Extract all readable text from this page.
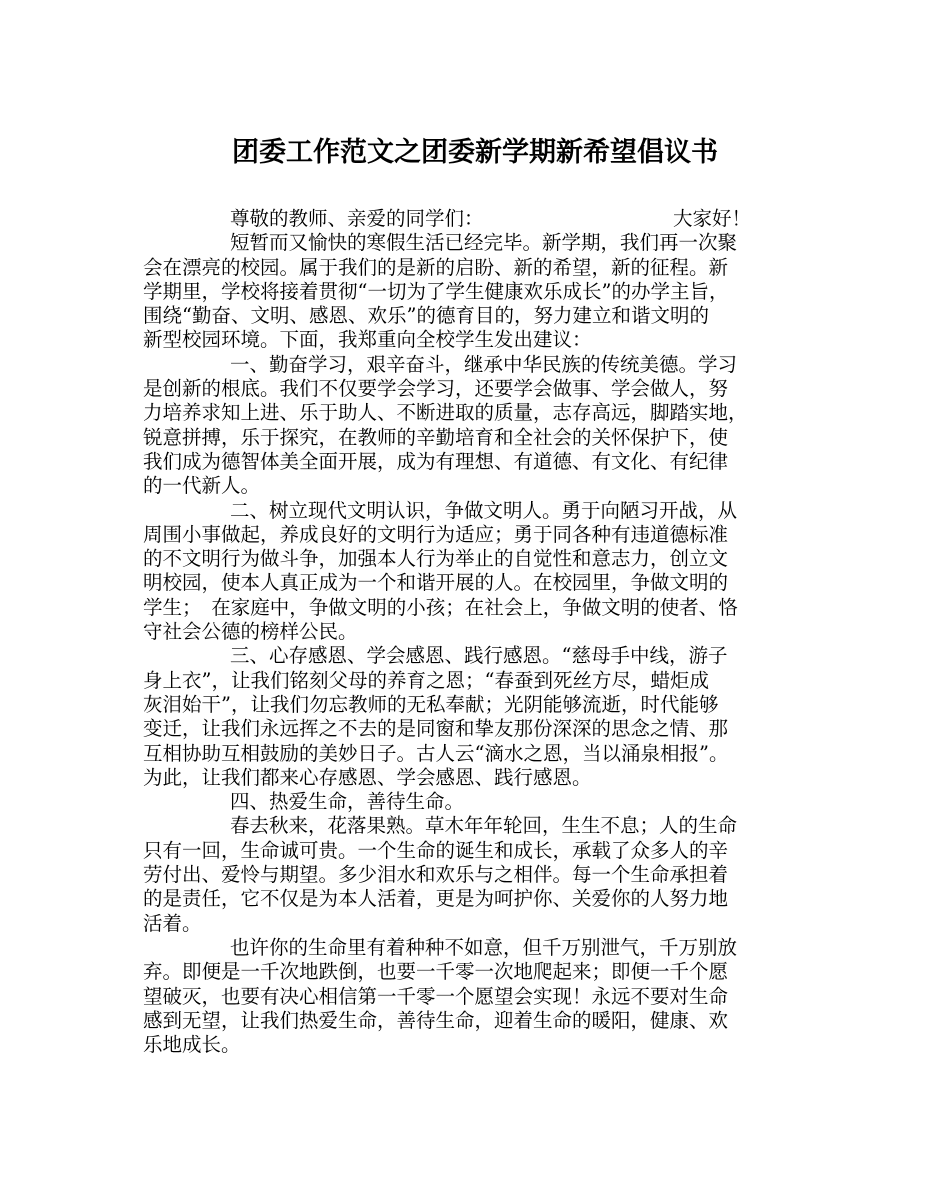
团委工作范文之团委新学期新希望倡议书
尊敬的教师、亲爱的同学们：	大家好！
短暂而又愉快的寒假生活已经完毕。新学期，我们再一次聚
会在漂亮的校园。属于我们的是新的启盼、新的希望，新的征程。新
学期里，学校将接着贯彻“一切为了学生健康欢乐成长”的办学主旨，
围绕“勤奋、文明、感恩、欢乐”的德育目的，努力建立和谐文明的
新型校园环境。下面，我郑重向全校学生发出建议：
一、勤奋学习，艰辛奋斗，继承中华民族的传统美德。学习
是创新的根底。我们不仅要学会学习，还要学会做事、学会做人，努
力培养求知上进、乐于助人、不断进取的质量，志存高远，脚踏实地，
锐意拼搏，乐于探究，在教师的辛勤培育和全社会的关怀保护下，使
我们成为德智体美全面开展，成为有理想、有道德、有文化、有纪律
的一代新人。
二、树立现代文明认识，争做文明人。勇于向陋习开战，从
周围小事做起，养成良好的文明行为适应；勇于同各种有违道德标准
的不文明行为做斗争，加强本人行为举止的自觉性和意志力，创立文
明校园，使本人真正成为一个和谐开展的人。在校园里，争做文明的
学生；　在家庭中，争做文明的小孩；在社会上，争做文明的使者、恪
守社会公德的榜样公民。
三、心存感恩、学会感恩、践行感恩。“慈母手中线，游子
身上衣”，让我们铭刻父母的养育之恩；“春蚕到死丝方尽，蜡炬成
灰泪始干”，让我们勿忘教师的无私奉献；光阴能够流逝，时代能够
变迁，让我们永远挥之不去的是同窗和挚友那份深深的思念之情、那
互相协助互相鼓励的美妙日子。古人云“滴水之恩，当以涌泉相报”。
为此，让我们都来心存感恩、学会感恩、践行感恩。
四、热爱生命，善待生命。
春去秋来，花落果熟。草木年年轮回，生生不息；人的生命
只有一回，生命诚可贵。一个生命的诞生和成长，承载了众多人的辛
劳付出、爱怜与期望。多少泪水和欢乐与之相伴。每一个生命承担着
的是责任，它不仅是为本人活着，更是为呵护你、关爱你的人努力地
活着。
也许你的生命里有着种种不如意，但千万别泄气，千万别放
弃。即便是一千次地跌倒，也要一千零一次地爬起来；即便一千个愿
望破灭，也要有决心相信第一千零一个愿望会实现！永远不要对生命
感到无望，让我们热爱生命，善待生命，迎着生命的暖阳，健康、欢
乐地成长。
